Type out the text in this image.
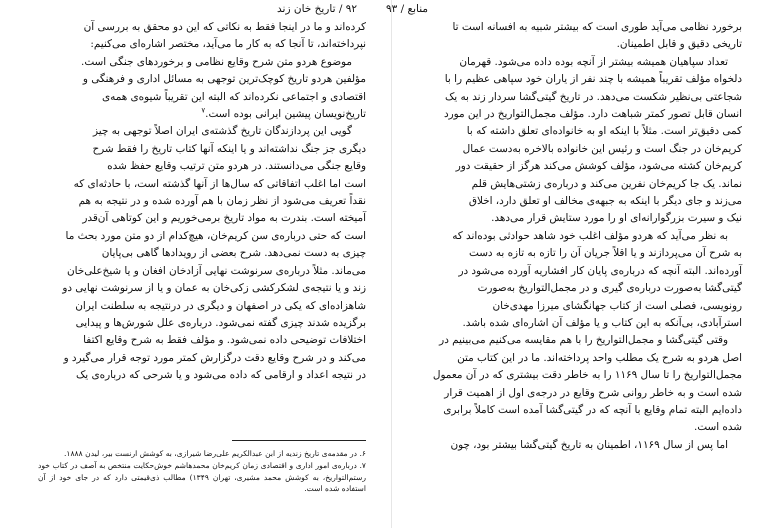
۹۲ / تاریخ خان زند

کرده‌اند و ما در اینجا فقط به نکاتی که این دو محقق به بررسی آن

نپرداخته‌اند، تا آنجا که به کار ما می‌آید، مختصر اشاره‌ای می‌کنیم:

موضوع هردو متن شرح وقایع نظامی و برخوردهای جنگی است.

مؤلفین هردو تاریخ کوچک‌ترین توجهی به مسائل اداری و فرهنگی و

اقتصادی و اجتماعی نکرده‌اند که البته این تقریباً شیوه‌ی همه‌ی

تاریخ‌نویسان پیشین ایرانی بوده است.$^۷$

گویی این پردازندگان تاریخ گذشته‌ی ایران اصلاً توجهی به چیز

دیگری جز جنگ نداشته‌اند و یا اینکه آنها کتاب تاریخ را فقط شرح

وقایع جنگی می‌دانستند. در هردو متن ترتیب وقایع حفظ شده

است اما اغلب اتفاقاتی که سال‌ها از آنها گذشته است، با حادثه‌ای که

نقداً تعریف می‌شود از نظر زمان با هم آورده شده و در نتیجه به هم

آمیخته است. بندرت به مواد تاریخ برمی‌خوریم و این کوتاهی آن‌قدر

است که حتی درباره‌ی سن کریم‌خان، هیچ‌کدام از دو متن مورد بحث ما

چیزی به دست نمی‌دهد. شرح بعضی از رویدادها گاهی بی‌پایان

می‌ماند. مثلاً درباره‌ی سرنوشت نهایی آزادخان افغان و یا شیخ‌علی‌خان

زند و یا نتیجه‌ی لشکرکشی زکی‌خان به عمان و یا از سرنوشت نهایی دو

شاهزاده‌ای که یکی در اصفهان و دیگری در درنتیجه به سلطنت ایران

برگزیده شدند چیزی گفته نمی‌شود. درباره‌ی علل شورش‌ها و پیدایی

اختلافات توضیحی داده نمی‌شود. و مؤلف فقط به شرح وقایع اکتفا

می‌کند و در شرح وقایع دقت درگزارش کمتر مورد توجه قرار می‌گیرد و

در نتیجه اعداد و ارقامی که داده می‌شود و یا شرحی که درباره‌ی یک

۶. در مقدمه‌ی تاریخ زندیه از ابن عبدالکریم علی‌رضا شیرازی، به کوشش ارنست بیر، لیدن ۱۸۸۸.

۷. درباره‌ی امور اداری و اقتصادی زمان کریم‌خان محمدهاشم خوش‌حکایت منتخص به آصف در کتاب خود رستم‌التواریخ، به کوشش محمد مشیری، تهران ۱۳۴۹) مطالب ذی‌قیمتی دارد که در جای خود از آن استفاده شده است.

منابع / ۹۳

برخورد نظامی می‌آید طوری است که بیشتر شبیه به افسانه است تا

تاریخی دقیق و قابل اطمینان.

تعداد سپاهیان همیشه بیشتر از آنچه بوده داده می‌شود. قهرمان

دلخواه مؤلف تقریباً همیشه با چند نفر از یاران خود سپاهی عظیم را با

شجاعتی بی‌نظیر شکست می‌دهد. در تاریخ گیتی‌گشا سردار زند به یک

انسان قابل تصور کمتر شباهت دارد. مؤلف مجمل‌التواریخ در این مورد

کمی دقیق‌تر است. مثلاً با اینکه او به خانواده‌ای تعلق داشته که با

کریم‌خان در جنگ است و رئیس این خانواده بالاخره به‌دست عمال

کریم‌خان کشته می‌شود، مؤلف کوشش می‌کند هرگز از حقیقت دور

نماند. یک جا کریم‌خان نفرین می‌کند و درباره‌ی زشتی‌هایش قلم

می‌زند و جای دیگر با اینکه به جبهه‌ی مخالف او تعلق دارد، اخلاق

نیک و سیرت بزرگوارانه‌ای او را مورد ستایش قرار می‌دهد.

به نظر می‌آید که هردو مؤلف اغلب خود شاهد حوادثی بوده‌اند که

به شرح آن می‌پردازند و یا اقلاً جریان آن را تازه به تازه به دست

آورده‌اند. البته آنچه که درباره‌ی پایان کار افشاریه آورده می‌شود در

گیتی‌گشا به‌صورت درباره‌ی گیری و در مجمل‌التواریخ به‌صورت

رونویسی، فصلی است از کتاب جهانگشای میرزا مهدی‌خان

استرآبادی، بی‌آنکه به این کتاب و یا مؤلف آن اشاره‌ای شده باشد.

وقتی گیتی‌گشا و مجمل‌التواریخ را با هم مقایسه می‌کنیم می‌بینیم در

اصل هردو به شرح یک مطلب واحد پرداخته‌اند. ما در این کتاب متن

مجمل‌التواریخ را تا سال ۱۱۶۹ را به خاطر دقت بیشتری که در آن معمول

شده است و به خاطر روانی شرح وقایع در درجه‌ی اول از اهمیت قرار

داده‌ایم البته تمام وقایع با آنچه که در گیتی‌گشا آمده است کاملاً برابری

شده است.

اما پس از سال ۱۱۶۹، اطمینان به تاریخ گیتی‌گشا بیشتر بود، چون
